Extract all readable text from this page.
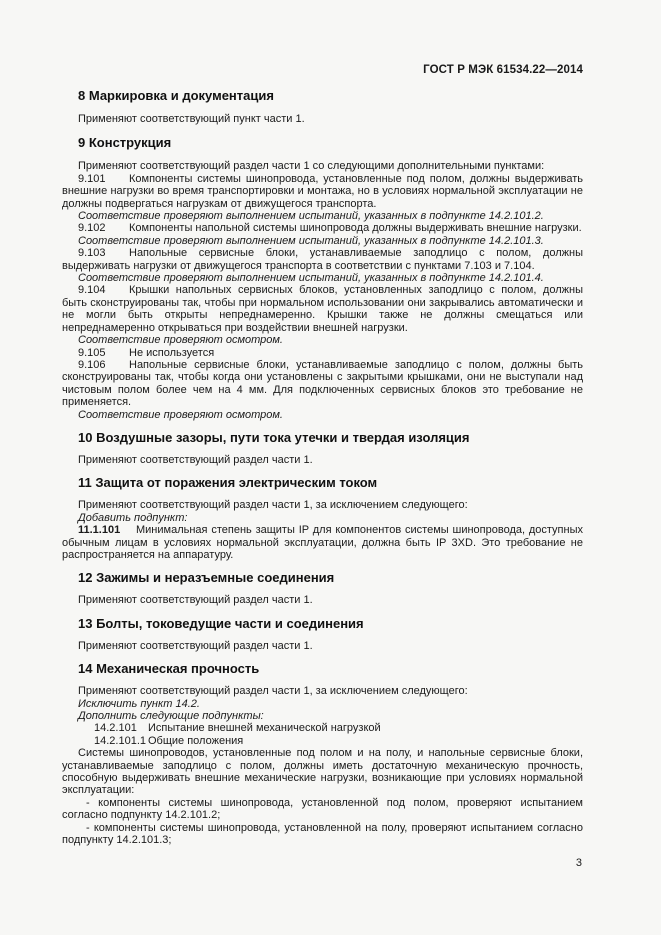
ГОСТ Р МЭК 61534.22—2014
8 Маркировка и документация

Применяют соответствующий пункт части 1.

9 Конструкция

Применяют соответствующий раздел части 1 со следующими дополнительными пунктами:

9.101 Компоненты системы шинопровода, установленные под полом, должны выдерживать внешние нагрузки во время транспортировки и монтажа, но в условиях нормальной эксплуатации не должны подвергаться нагрузкам от движущегося транспорта.

Соответствие проверяют выполнением испытаний, указанных в подпункте 14.2.101.2.

9.102 Компоненты напольной системы шинопровода должны выдерживать внешние нагрузки.

Соответствие проверяют выполнением испытаний, указанных в подпункте 14.2.101.3.

9.103 Напольные сервисные блоки, устанавливаемые заподлицо с полом, должны выдерживать нагрузки от движущегося транспорта в соответствии с пунктами 7.103 и 7.104.

Соответствие проверяют выполнением испытаний, указанных в подпункте 14.2.101.4.

9.104 Крышки напольных сервисных блоков, установленных заподлицо с полом, должны быть сконструированы так, чтобы при нормальном использовании они закрывались автоматически и не могли быть открыты непреднамеренно. Крышки также не должны смещаться или непреднамеренно открываться при воздействии внешней нагрузки.

Соответствие проверяют осмотром.

9.105 Не используется

9.106 Напольные сервисные блоки, устанавливаемые заподлицо с полом, должны быть сконструированы так, чтобы когда они установлены с закрытыми крышками, они не выступали над чистовым полом более чем на 4 мм. Для подключенных сервисных блоков это требование не применяется.

Соответствие проверяют осмотром.

10 Воздушные зазоры, пути тока утечки и твердая изоляция

Применяют соответствующий раздел части 1.

11 Защита от поражения электрическим током

Применяют соответствующий раздел части 1, за исключением следующего:

Добавить подпункт:

11.1.101 Минимальная степень защиты IP для компонентов системы шинопровода, доступных обычным лицам в условиях нормальной эксплуатации, должна быть IP 3XD. Это требование не распространяется на аппаратуру.

12 Зажимы и неразъемные соединения

Применяют соответствующий раздел части 1.

13 Болты, токоведущие части и соединения

Применяют соответствующий раздел части 1.

14 Механическая прочность

Применяют соответствующий раздел части 1, за исключением следующего:

Исключить пункт 14.2.

Дополнить следующие подпункты:

14.2.101 Испытание внешней механической нагрузкой

14.2.101.1 Общие положения

Системы шинопроводов, установленные под полом и на полу, и напольные сервисные блоки, устанавливаемые заподлицо с полом, должны иметь достаточную механическую прочность, способную выдерживать внешние механические нагрузки, возникающие при условиях нормальной эксплуатации:

- компоненты системы шинопровода, установленной под полом, проверяют испытанием согласно подпункту 14.2.101.2;

- компоненты системы шинопровода, установленной на полу, проверяют испытанием согласно подпункту 14.2.101.3;

3
